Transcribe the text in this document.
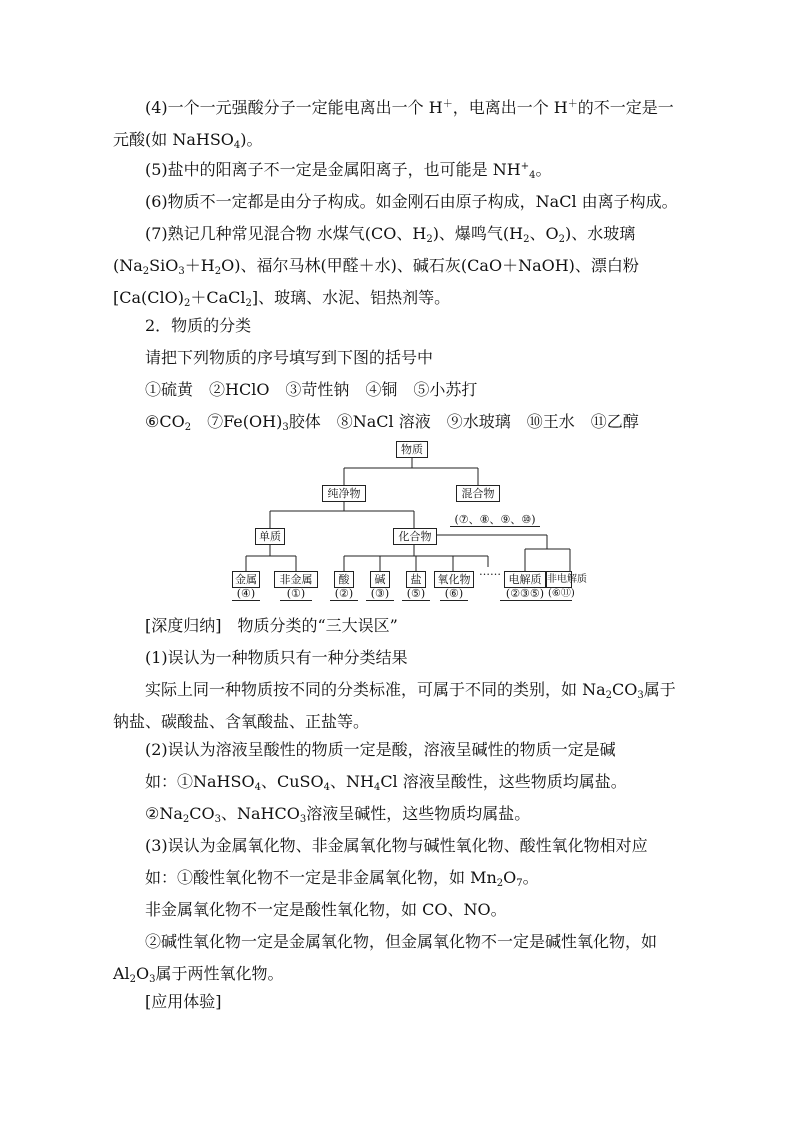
(4)一个一元强酸分子一定能电离出一个 H＋，电离出一个 H＋的不一定是一元酸(如 NaHSO$_4$)。

(5)盐中的阳离子不一定是金属阳离子，也可能是 $NH^+_4$。

(6)物质不一定都是由分子构成。如金刚石由原子构成，NaCl 由离子构成。

(7)熟记几种常见混合物 水煤气(CO、$H_2$)、爆鸣气($H_2$、$O_2$)、水玻璃$(Na_2SiO_3+H_2O)$、福尔马林(甲醛＋水)、碱石灰(CaO＋NaOH)、漂白粉$[Ca(ClO)_2+CaCl_2]$、玻璃、水泥、铝热剂等。

2．物质的分类

请把下列物质的序号填写到下图的括号中

①硫黄　②HClO　③苛性钠　④铜　⑤小苏打

$⑥CO_2$　$⑦Fe(OH)_3$胶体　⑧NaCl 溶液　⑨水玻璃　⑩王水　⑪乙醇

物质
纯净物	混合物
(⑦、⑧、⑨、⑩)
单质	化合物
金属
(④)
非金属
(①)
酸
(②)
碱
(③)
盐
(⑤)
氧化物
(⑥)
……
电解质
(②③⑤)
非电解质
(⑥⑪)

[深度归纳]　物质分类的“三大误区”

(1)误认为一种物质只有一种分类结果

实际上同一种物质按不同的分类标准，可属于不同的类别，如 $Na_2CO_3$属于钠盐、碳酸盐、含氧酸盐、正盐等。

(2)误认为溶液呈酸性的物质一定是酸，溶液呈碱性的物质一定是碱

如：①NaHSO$_4$、CuSO$_4$、$NH_4Cl$ 溶液呈酸性，这些物质均属盐。

$②Na_2CO_3$、NaHCO$_3$溶液呈碱性，这些物质均属盐。

(3)误认为金属氧化物、非金属氧化物与碱性氧化物、酸性氧化物相对应

如：①酸性氧化物不一定是非金属氧化物，如 $Mn_2O_7$。

非金属氧化物不一定是酸性氧化物，如 CO、NO。

②碱性氧化物一定是金属氧化物，但金属氧化物不一定是碱性氧化物，如 $Al_2O_3$属于两性氧化物。

[应用体验]
